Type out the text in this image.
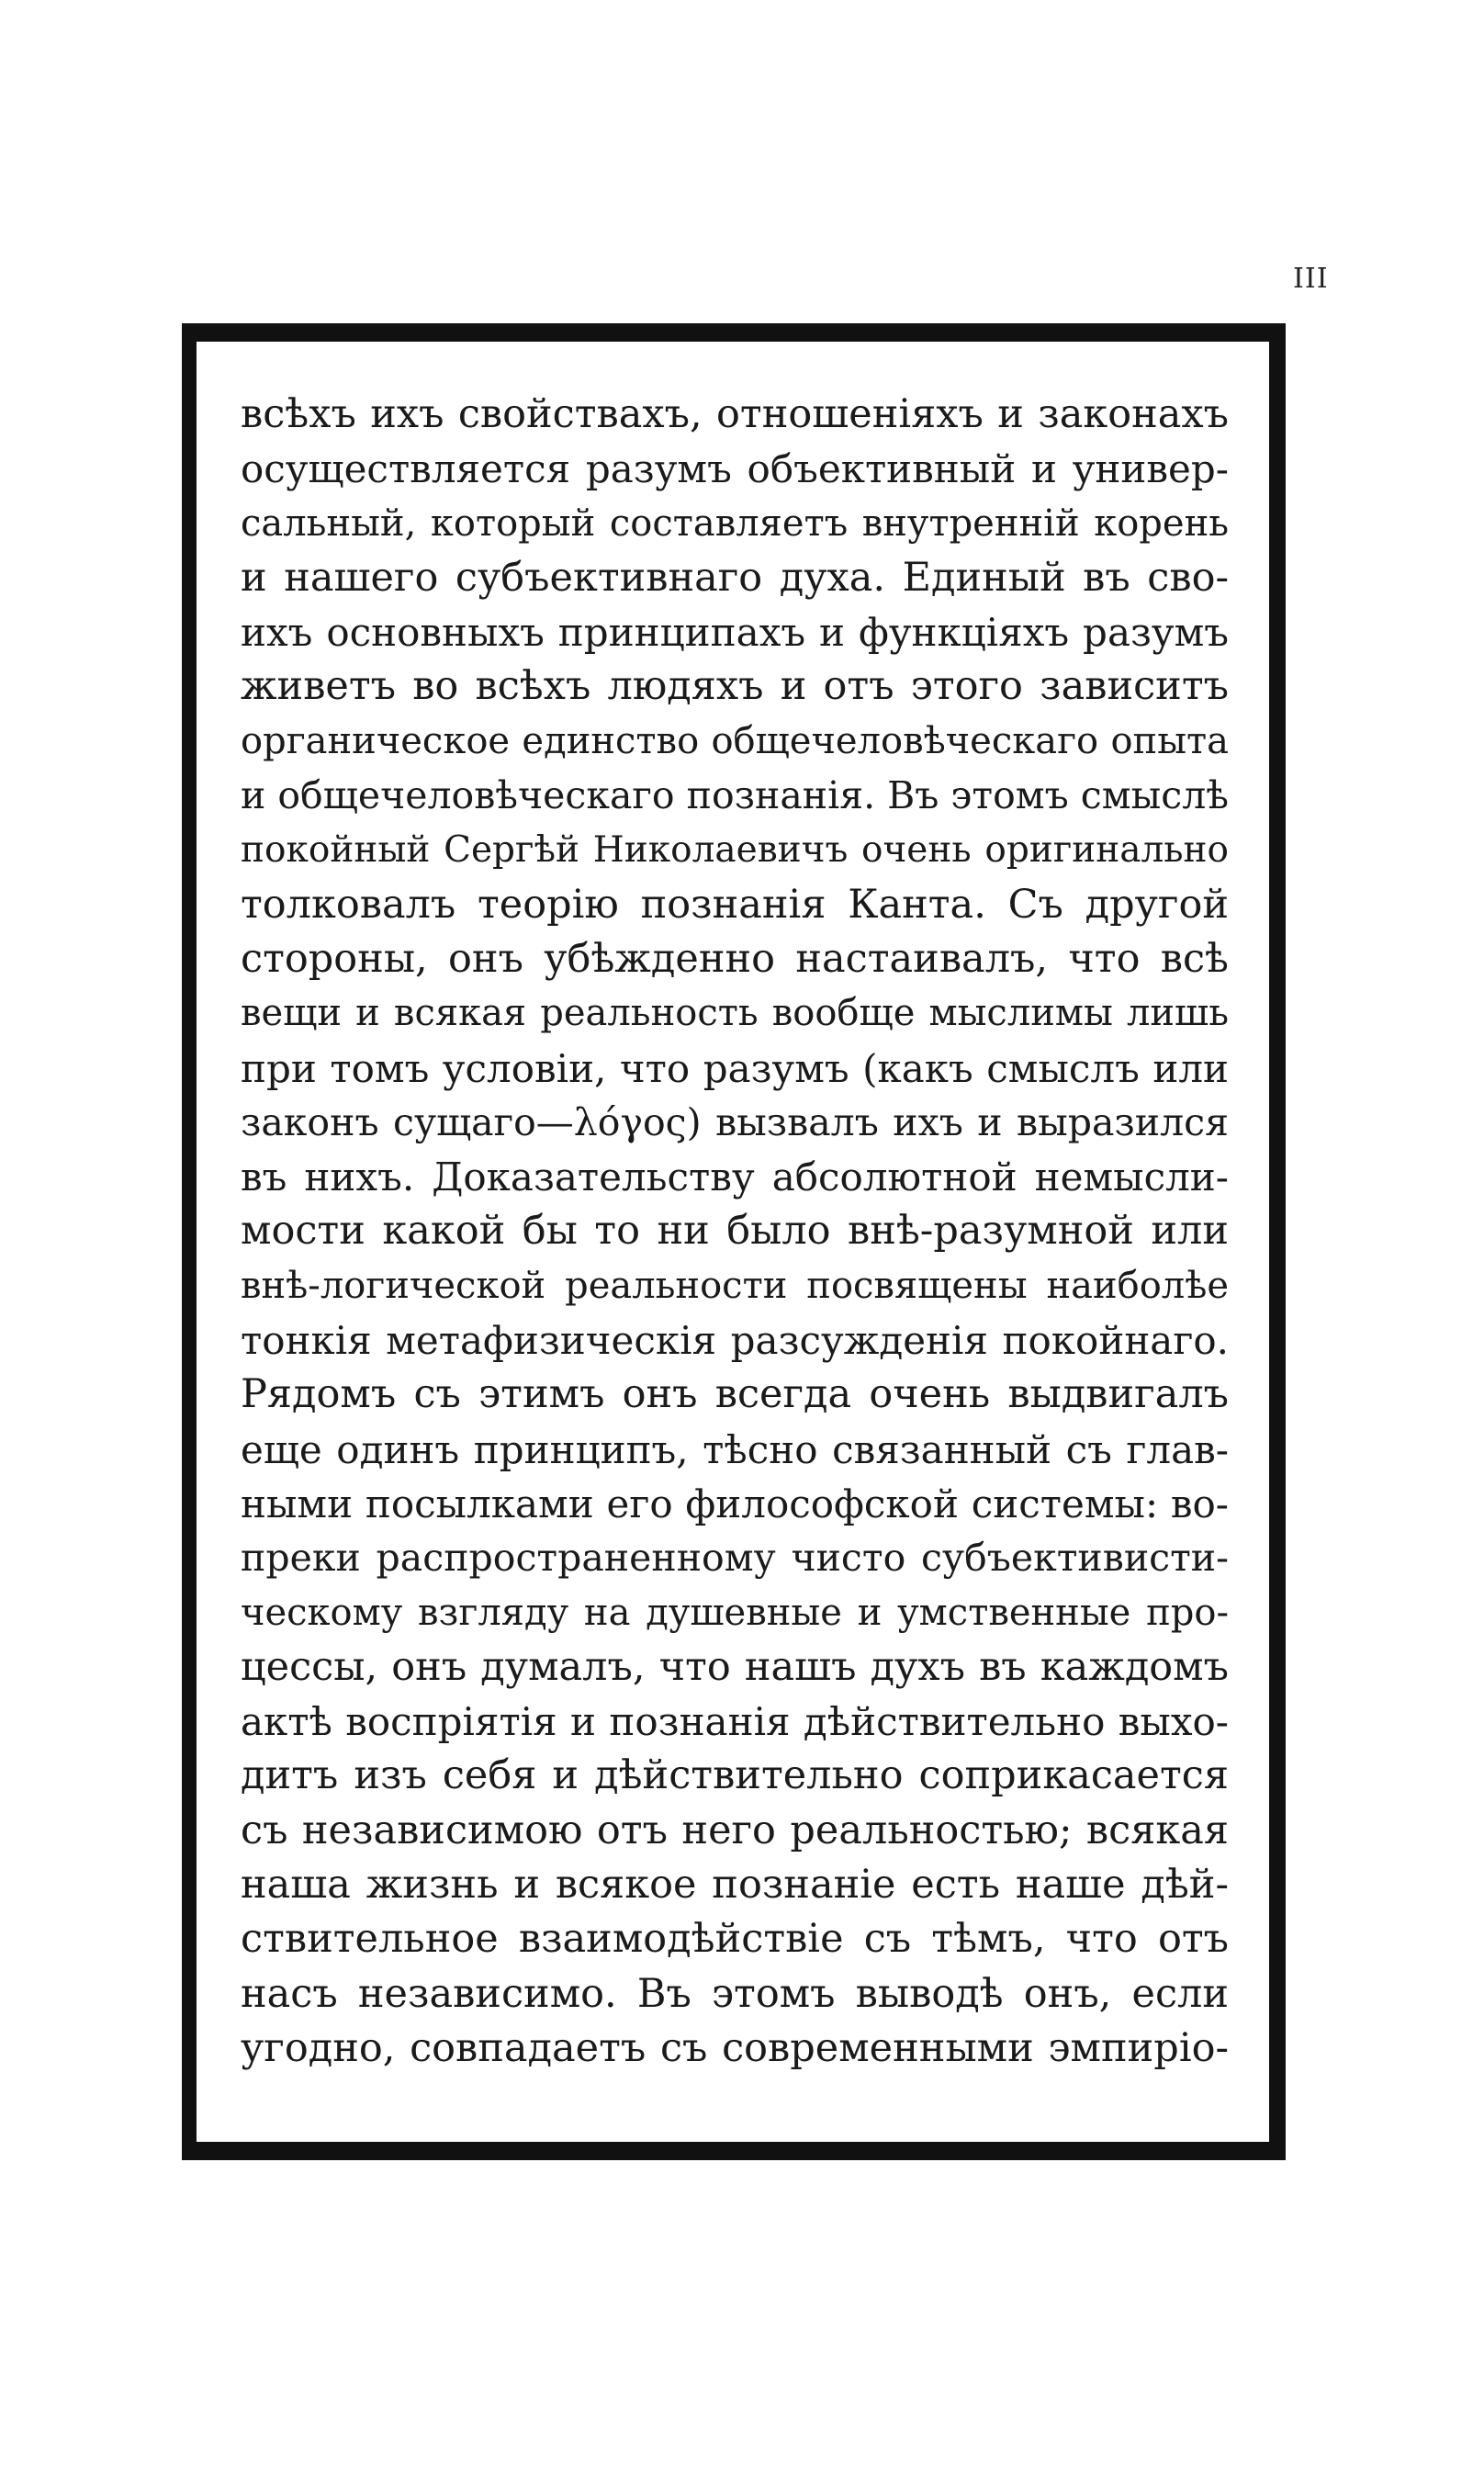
III
всѣхъ ихъ свойствахъ, отношеніяхъ и законахъ
осуществляется разумъ объективный и универ-
сальный, который составляетъ внутренній корень
и нашего субъективнаго духа. Единый въ сво-
ихъ основныхъ принципахъ и функціяхъ разумъ
живетъ во всѣхъ людяхъ и отъ этого зависитъ
органическое единство общечеловѣческаго опыта
и общечеловѣческаго познанія. Въ этомъ смыслѣ
покойный Сергѣй Николаевичъ очень оригинально
толковалъ теорію познанія Канта. Съ другой
стороны, онъ убѣжденно настаивалъ, что всѣ
вещи и всякая реальность вообще мыслимы лишь
при томъ условіи, что разумъ (какъ смыслъ или
законъ сущаго—λόγος) вызвалъ ихъ и выразился
въ нихъ. Доказательству абсолютной немысли-
мости какой бы то ни было внѣ-разумной или
внѣ-логической реальности посвящены наиболѣе
тонкія метафизическія разсужденія покойнаго.
Рядомъ съ этимъ онъ всегда очень выдвигалъ
еще одинъ принципъ, тѣсно связанный съ глав-
ными посылками его философской системы: во-
преки распространенному чисто субъективисти-
ческому взгляду на душевные и умственные про-
цессы, онъ думалъ, что нашъ духъ въ каждомъ
актѣ воспріятія и познанія дѣйствительно выхо-
дитъ изъ себя и дѣйствительно соприкасается
съ независимою отъ него реальностью; всякая
наша жизнь и всякое познаніе есть наше дѣй-
ствительное взаимодѣйствіе съ тѣмъ, что отъ
насъ независимо. Въ этомъ выводѣ онъ, если
угодно, совпадаетъ съ современными эмпиріо-
